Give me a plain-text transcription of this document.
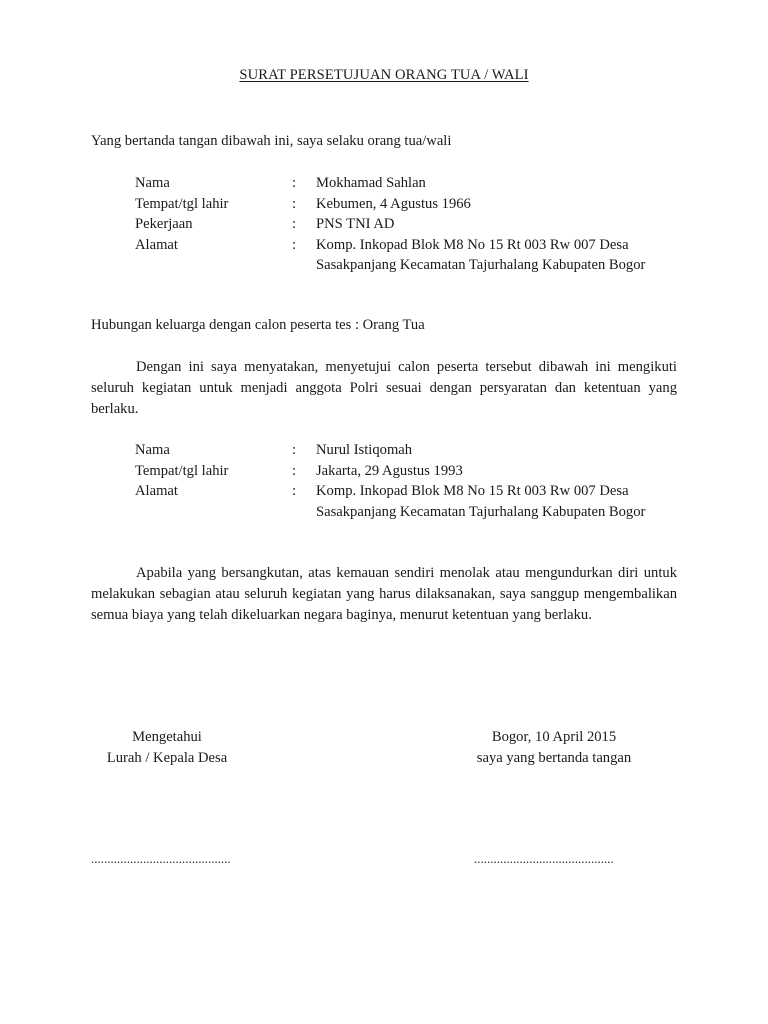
SURAT PERSETUJUAN ORANG TUA / WALI
Yang bertanda tangan dibawah ini, saya selaku orang tua/wali
Nama	: Mokhamad Sahlan
Tempat/tgl lahir	: Kebumen, 4 Agustus 1966
Pekerjaan	: PNS TNI AD
Alamat	: Komp. Inkopad Blok M8 No 15 Rt 003 Rw 007 Desa Sasakpanjang Kecamatan Tajurhalang Kabupaten Bogor
Hubungan keluarga dengan calon peserta tes : Orang Tua
Dengan ini saya menyatakan, menyetujui calon peserta tersebut dibawah ini mengikuti seluruh kegiatan untuk menjadi anggota Polri sesuai dengan persyaratan dan ketentuan yang berlaku.
Nama	: Nurul Istiqomah
Tempat/tgl lahir	: Jakarta, 29 Agustus 1993
Alamat	: Komp. Inkopad Blok M8 No 15 Rt 003 Rw 007 Desa Sasakpanjang Kecamatan Tajurhalang Kabupaten Bogor
Apabila yang bersangkutan, atas kemauan sendiri menolak atau mengundurkan diri untuk melakukan sebagian atau seluruh kegiatan yang harus dilaksanakan, saya sanggup mengembalikan semua biaya yang telah dikeluarkan negara baginya, menurut ketentuan yang berlaku.
Mengetahui
Lurah / Kepala Desa
Bogor, 10 April 2015
saya yang bertanda tangan
...........................................	...........................................
